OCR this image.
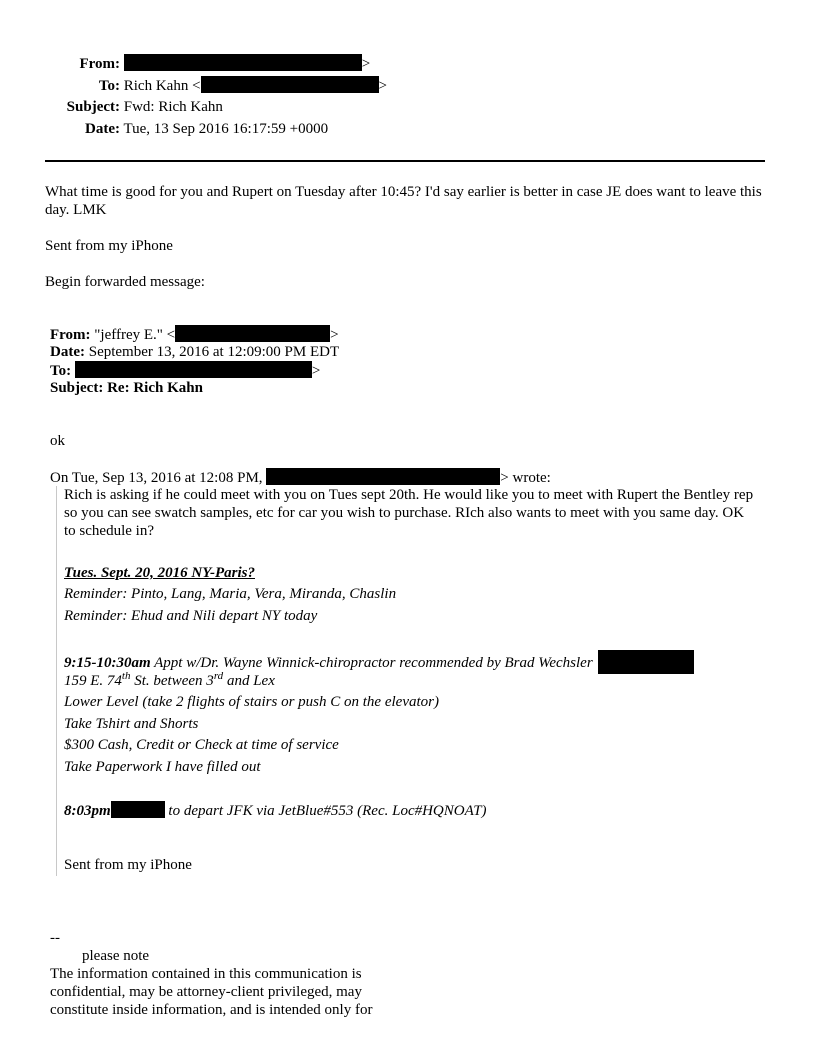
From:	>
To: Rich Kahn <	>
Subject: Fwd: Rich Kahn
Date: Tue, 13 Sep 2016 16:17:59 +0000
What time is good for you and Rupert on Tuesday after 10:45? I'd say earlier is better in case JE does want to leave this day. LMK
Sent from my iPhone
Begin forwarded message:
From: "jeffrey E." <	>
Date: September 13, 2016 at 12:09:00 PM EDT
To:	>
Subject: Re: Rich Kahn
ok
On Tue, Sep 13, 2016 at 12:08 PM,	> wrote:
Rich is asking if he could meet with you on Tues sept 20th. He would like you to meet with Rupert the Bentley rep so you can see swatch samples, etc for car you wish to purchase. RIch also wants to meet with you same day. OK to schedule in?
Tues. Sept. 20, 2016 NY-Paris?
Reminder: Pinto, Lang, Maria, Vera, Miranda, Chaslin
Reminder: Ehud and Nili depart NY today
9:15-10:30am Appt w/Dr. Wayne Winnick-chiropractor recommended by Brad Wechsler
159 E. 74th St. between 3rd and Lex
Lower Level (take 2 flights of stairs or push C on the elevator)
Take Tshirt and Shorts
$300 Cash, Credit or Check at time of service
Take Paperwork I have filled out
8:03pm	to depart JFK via JetBlue#553 (Rec. Loc#HQNOAT)
Sent from my iPhone
--
please note
The information contained in this communication is
confidential, may be attorney-client privileged, may
constitute inside information, and is intended only for
